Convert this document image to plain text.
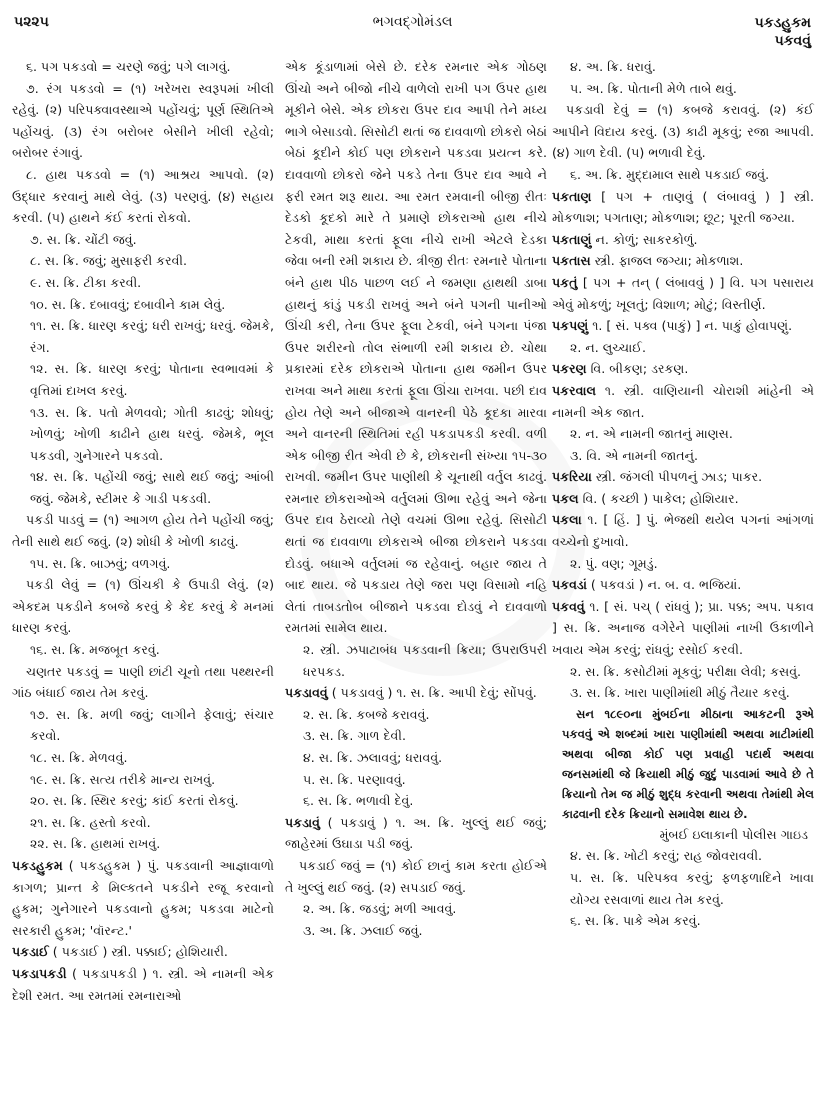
૫૨૨૫	ભગવદ્ગોમંડલ	પકડહુકમ
પકવવું

૬. પગ પકડવો = ચરણે જવું; પગે લાગવું.

૭. રંગ પકડવો = (૧) ખરેખરા સ્વરૂપમાં ખીલી રહેવું. (૨) પરિપક્વાવસ્થાએ પહોંચવું; પૂર્ણ સ્થિતિએ પહોંચવું. (૩) રંગ બરોબર બેસીને ખીલી રહેવો; બરોબર રંગાવું.

૮. હાથ પકડવો = (૧) આશ્રય આપવો. (૨) ઉદ્ધાર કરવાનું માથે લેવું. (૩) પરણવું. (૪) સહાય કરવી. (૫) હાથને કંઈ કરતાં રોકવો.

૭. સ. ક્રિ. ચોંટી જવું.

૮. સ. ક્રિ. જવું; મુસાફરી કરવી.

૯. સ. ક્રિ. ટીકા કરવી.

૧૦. સ. ક્રિ. દબાવવું; દબાવીને કામ લેવું.

૧૧. સ. ક્રિ. ધારણ કરવું; ધરી રાખવું; ધરવું. જેમકે, રંગ.

૧૨. સ. ક્રિ. ધારણ કરવું; પોતાના સ્વભાવમાં કે વૃત્તિમાં દાખલ કરવું.

૧૩. સ. ક્રિ. પતો મેળવવો; ગોતી કાઢવું; શોધવું; ખોળવું; ખોળી કાઢીને હાથ ધરવું. જેમકે, ભૂલ પકડવી, ગુનેગારને પકડવો.

૧૪. સ. ક્રિ. પહોંચી જવું; સાથે થઈ જવું; આંબી જવું. જેમકે, સ્ટીમર કે ગાડી પકડવી.

પકડી પાડવું = (૧) આગળ હોય તેને પહોંચી જવું; તેની સાથે થઈ જવું. (૨) શોધી કે ખોળી કાઢવું.

૧૫. સ. ક્રિ. બાઝવું; વળગવું.

પકડી લેવું = (૧) ઊંચકી કે ઉપાડી લેવું. (૨) એકદમ પકડીને કબજે કરવું કે કેદ કરવું કે મનમાં ધારણ કરવું.

૧૬. સ. ક્રિ. મજબૂત કરવું.

ચણતર પકડવું = પાણી છાંટી ચૂનો તથા પથ્થરની ગાંઠ બંધાઈ જાય તેમ કરવું.

૧૭. સ. ક્રિ. મળી જવું; લાગીને ફેલાવું; સંચાર કરવો.

૧૮. સ. ક્રિ. મેળવવું.

૧૯. સ. ક્રિ. સત્ય તરીકે માન્ય રાખવું.

૨૦. સ. ક્રિ. સ્થિર કરવું; કાંઈ કરતાં રોકવું.

૨૧. સ. ક્રિ. હસ્તો કરવો.

૨૨. સ. ક્રિ. હાથમાં રાખવું.

પકડહુકમ ( પકડહુકમ ) પું. પકડવાની આજ્ઞાવાળો કાગળ; પ્રાન્ત કે મિલ્કતને પકડીને રજૂ કરવાનો હુકમ; ગુનેગારને પકડવાનો હુકમ; પકડવા માટેનો સરકારી હુકમ; 'વૉરન્ટ.'

પકડાઈ ( પકડાઈ ) સ્ત્રી. પક્કાઈ; હોશિયારી.

પકડાપકડી ( પકડાપકડી ) ૧. સ્ત્રી. એ નામની એક દેશી રમત. આ રમતમાં રમનારાઓ

એક કૂંડાળામાં બેસે છે. દરેક રમનાર એક ગોઠણ ઊંચો અને બીજો નીચે વાળેલો રાખી પગ ઉપર હાથ મૂકીને બેસે. એક છોકરા ઉપર દાવ આપી તેને મધ્ય ભાગે બેસાડવો. સિસોટી થતાં જ દાવવાળો છોકરો બેઠાં બેઠાં કૂદીને કોઈ પણ છોકરાને પકડવા પ્રયત્ન કરે. દાવવાળો છોકરો જેને પકડે તેના ઉપર દાવ આવે ને ફરી રમત શરૂ થાય. આ રમત રમવાની બીજી રીતઃ દેડકો કૂદકો મારે તે પ્રમાણે છોકરાઓ હાથ નીચે ટેકવી, માથા કરતાં ફૂલા નીચે રાખી એટલે દેડકા જેવા બની રમી શકાય છે. ત્રીજી રીતઃ રમનારે પોતાના બંને હાથ પીઠ પાછળ લઈ ને જમણા હાથથી ડાબા હાથનું કાંડું પકડી રાખવું અને બંને પગની પાનીઓ ઊંચી કરી, તેના ઉપર ફૂલા ટેકવી, બંને પગના પંજા ઉપર શરીરનો તોલ સંભાળી રમી શકાય છે. ચોથા પ્રકારમાં દરેક છોકરાએ પોતાના હાથ જમીન ઉપર રાખવા અને માથા કરતાં ફૂલા ઊંચા રાખવા. પછી દાવ હોય તેણે અને બીજાએ વાનરની પેઠે કૂદકા મારવા અને વાનરની સ્થિતિમાં રહી પકડાપકડી કરવી. વળી એક બીજી રીત એવી છે કે, છોકરાની સંખ્યા ૧૫-૩૦ રાખવી. જમીન ઉપર પાણીથી કે ચૂનાથી વર્તુલ કાઢવું. રમનાર છોકરાઓએ વર્તુલમાં ઊભા રહેવું અને જેના ઉપર દાવ ઠેરાવ્યો તેણે વચમાં ઊભા રહેવું. સિસોટી થતાં જ દાવવાળા છોકરાએ બીજા છોકરાને પકડવા દોડવું. બધાએ વર્તુલમાં જ રહેવાનું. બહાર જાય તે બાદ થાય. જે પકડાય તેણે જરા પણ વિસામો નહિ લેતાં તાબડતોબ બીજાને પકડવા દોડવું ને દાવવાળો રમતમાં સામેલ થાય.

૨. સ્ત્રી. ઝપાટાબંધ પકડવાની ક્રિયા; ઉપરાઉપરી ધરપકડ.

પકડાવવું ( પકડાવવું ) ૧. સ. ક્રિ. આપી દેવું; સોંપવું.

૨. સ. ક્રિ. કબજે કરાવવું.

૩. સ. ક્રિ. ગાળ દેવી.

૪. સ. ક્રિ. ઝલાવવું; ધરાવવું.

૫. સ. ક્રિ. પરણાવવું.

૬. સ. ક્રિ. ભળાવી દેવું.

પકડાવું ( પકડાવું ) ૧. અ. ક્રિ. ખુલ્લું થઈ જવું; જાહેરમાં ઉઘાડા પડી જવું.

પકડાઈ જવું = (૧) કોઈ છાનું કામ કરતા હોઈએ તે ખુલ્લું થઈ જવું. (૨) સપડાઈ જવું.

૨. અ. ક્રિ. જડવું; મળી આવવું.

૩. અ. ક્રિ. ઝલાઈ જવું.

૪. અ. ક્રિ. ધરાવું.

૫. અ. ક્રિ. પોતાની મેળે તાબે થવું.

પકડાવી દેવું = (૧) કબજે કરાવવું. (૨) કંઈ આપીને વિદાય કરવું. (૩) કાઢી મૂકવું; રજા આપવી. (૪) ગાળ દેવી. (૫) ભળાવી દેવું.

૬. અ. ક્રિ. મુદ્દામાલ સાથે પકડાઈ જવું.

પકતાણ [ પગ + તાણવું ( લંબાવવું ) ] સ્ત્રી. મોકળાશ; પગતાણ; મોકળાશ; છૂટ; પૂરતી જગ્યા.

પકતાણું ન. કોળું; સાકરકોળું.

પકતાસ સ્ત્રી. ફાજલ જગ્યા; મોકળાશ.

પકતું [ પગ + તન્ ( લંબાવવું ) ] વિ. પગ પસારાય એવું મોકળું; ખૂલતું; વિશાળ; મોટું; વિસ્તીર્ણ.

પકપણું ૧. [ સં. પક્વ (પાકું) ] ન. પાકું હોવાપણું.

૨. ન. લુચ્ચાઈ.

પકરણ વિ. બીકણ; ડરકણ.

પકરવાલ ૧. સ્ત્રી. વાણિયાની ચોરાશી માંહેની એ નામની એક જાત.

૨. ન. એ નામની જાતનું માણસ.

૩. વિ. એ નામની જાતનું.

પકરિયા સ્ત્રી. જંગલી પીપળનું ઝાડ; પાકર.

પકલ વિ. ( કચ્છી ) પાકેલ; હોશિયાર.

પકલા ૧. [ હિં. ] પું. ભેજથી થયેલ પગનાં આંગળાં વચ્ચેનો દુખાવો.

૨. પું. વણ; ગૂમડું.

પકવડાં ( પકવડાં ) ન. બ. વ. ભજિયાં.

પકવવું ૧. [ સં. પચ્ ( રાંધવું ); પ્રા. પક્ક; અપ. પકાવ ] સ. ક્રિ. અનાજ વગેરેને પાણીમાં નાખી ઉકાળીને ખવાય એમ કરવું; રાંધવું; રસોઈ કરવી.

૨. સ. ક્રિ. કસોટીમાં મૂકવું; પરીક્ષા લેવી; કસવું.

૩. સ. ક્રિ. ખારા પાણીમાંથી મીઠું તૈયાર કરવું.

સન ૧૮૯૦ના મુંબઈના મીઠાના આકટની રૂએ પકવવું એ શબ્દમાં ખારા પાણીમાંથી અથવા માટીમાંથી અથવા બીજા કોઈ પણ પ્રવાહી પદાર્થ અથવા જનસમાંથી જે ક્રિયાથી મીઠું જુદું પાડવામાં આવે છે તે ક્રિયાનો તેમ જ મીઠું શુદ્ધ કરવાની અથવા તેમાંથી મેલ કાઢવાની દરેક ક્રિયાનો સમાવેશ થાય છે.

મુંબઈ ઇલાકાની પોલીસ ગાઇડ

૪. સ. ક્રિ. ખોટી કરવું; રાહ જોવરાવવી.

૫. સ. ક્રિ. પરિપક્વ કરવું; ફળફળાદિને ખાવા યોગ્ય રસવાળાં થાય તેમ કરવું.

૬. સ. ક્રિ. પાકે એમ કરવું.
